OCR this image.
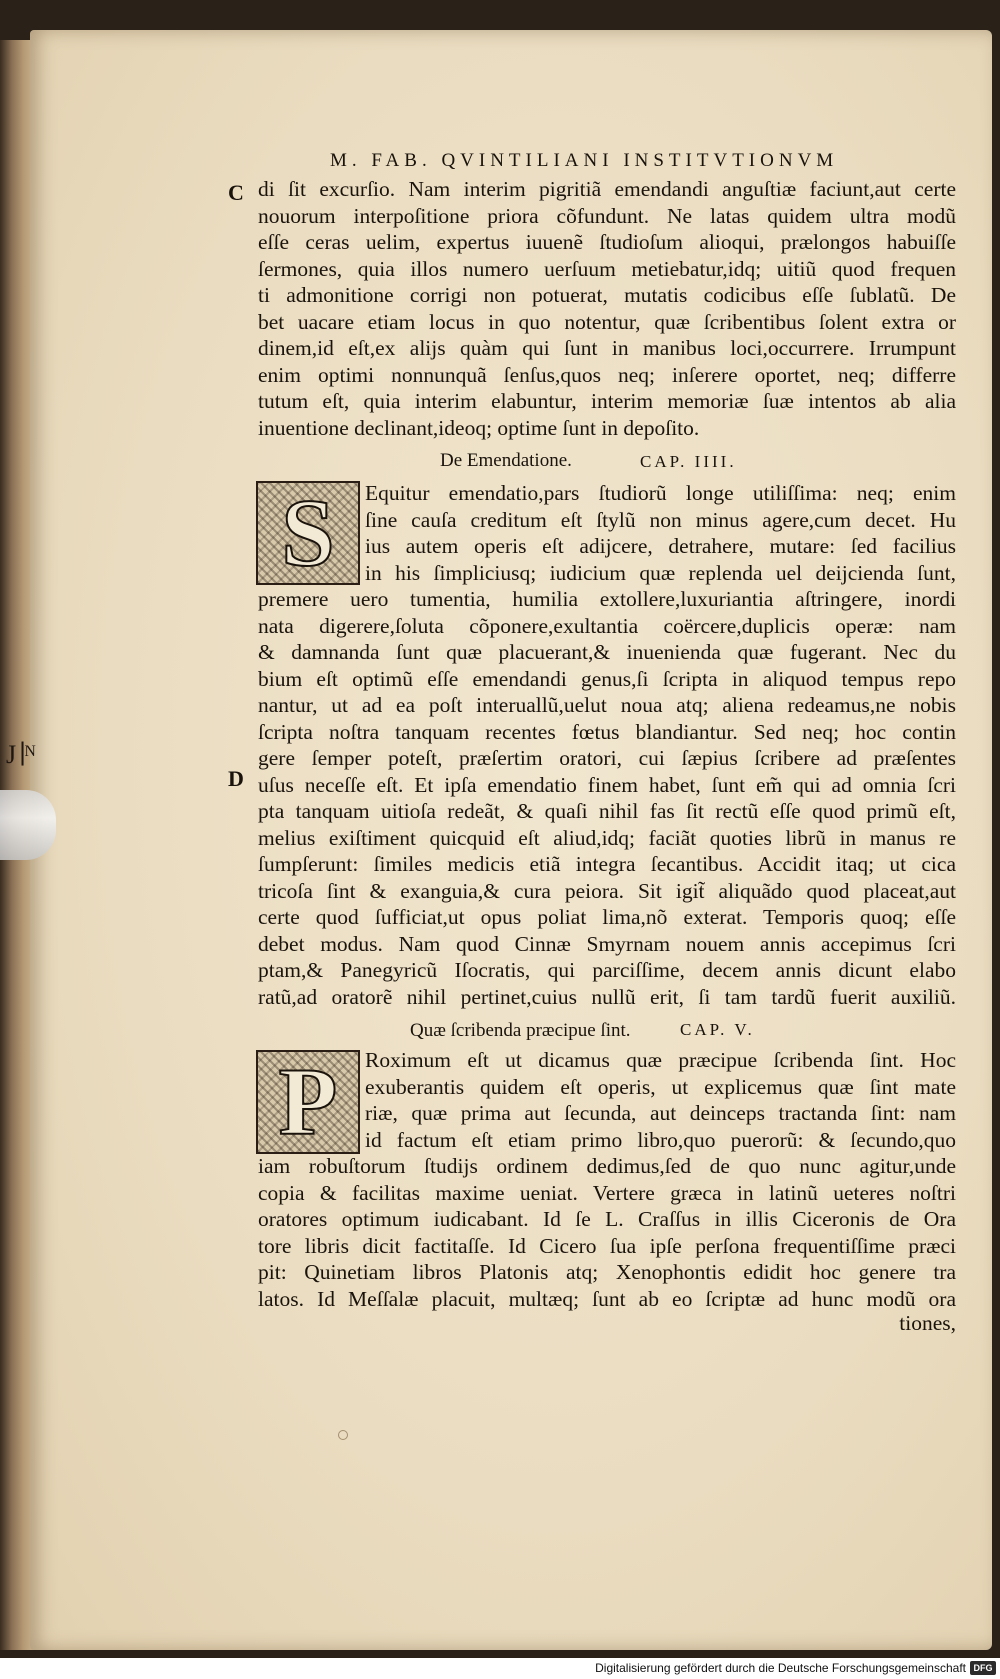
J ∣ᴺ
M. FAB. QVINTILIANI INSTITVTIONVM
C di ſit excurſio. Nam interim pigritiã emendandi anguſtiæ faciunt,aut certe
nouorum interpoſitione priora cõfundunt. Ne latas quidem ultra modũ
eſſe ceras uelim, expertus iuuenẽ ſtudioſum alioqui, prælongos habuiſſe
ſermones, quia illos numero uerſuum metiebatur,idq; uitiũ quod frequen
ti admonitione corrigi non potuerat, mutatis codicibus eſſe ſublatũ. De
bet uacare etiam locus in quo notentur, quæ ſcribentibus ſolent extra or
dinem,id eſt,ex alijs quàm qui ſunt in manibus loci,occurrere. Irrumpunt
enim optimi nonnunquã ſenſus,quos neq; inſerere oportet, neq; differre
tutum eſt, quia interim elabuntur, interim memoriæ ſuæ intentos ab alia
inuentione declinant,ideoq; optime ſunt in depoſito.
De Emendatione.	CAP. IIII.
S Equitur emendatio,pars ſtudiorũ longe utiliſſima: neq; enim
ſine cauſa creditum eſt ſtylũ non minus agere,cum decet. Hu
ius autem operis eſt adijcere, detrahere, mutare: ſed facilius
in his ſimpliciusq; iudicium quæ replenda uel deijcienda ſunt,
premere uero tumentia, humilia extollere,luxuriantia aſtringere, inordi
nata digerere,ſoluta cõponere,exultantia coërcere,duplicis operæ: nam
& damnanda ſunt quæ placuerant,& inuenienda quæ fugerant. Nec du
bium eſt optimũ eſſe emendandi genus,ſi ſcripta in aliquod tempus repo
nantur, ut ad ea poſt interuallũ,uelut noua atq; aliena redeamus,ne nobis
ſcripta noſtra tanquam recentes fœtus blandiantur. Sed neq; hoc contin
gere ſemper poteſt, præſertim oratori, cui ſæpius ſcribere ad præſentes
uſus neceſſe eſt. Et ipſa emendatio finem habet, ſunt em̃ qui ad omnia ſcri
pta tanquam uitioſa redeãt, & quaſi nihil fas ſit rectũ eſſe quod primũ eſt,
melius exiſtiment quicquid eſt aliud,idq; faciãt quoties librũ in manus re
ſumpſerunt: ſimiles medicis etiã integra ſecantibus. Accidit itaq; ut cica
tricoſa ſint & exanguia,& cura peiora. Sit igit̃ aliquãdo quod placeat,aut
certe quod ſufficiat,ut opus poliat lima,nõ exterat. Temporis quoq; eſſe
debet modus. Nam quod Cinnæ Smyrnam nouem annis accepimus ſcri
ptam,& Panegyricũ Iſocratis, qui parciſſime, decem annis dicunt elabo
ratũ,ad oratorẽ nihil pertinet,cuius nullũ erit, ſi tam tardũ fuerit auxiliũ.
D
Quæ ſcribenda præcipue ſint.	CAP. V.
P Roximum eſt ut dicamus quæ præcipue ſcribenda ſint. Hoc
exuberantis quidem eſt operis, ut explicemus quæ ſint mate
riæ, quæ prima aut ſecunda, aut deinceps tractanda ſint: nam
id factum eſt etiam primo libro,quo puerorũ: & ſecundo,quo
iam robuſtorum ſtudijs ordinem dedimus,ſed de quo nunc agitur,unde
copia & facilitas maxime ueniat. Vertere græca in latinũ ueteres noſtri
oratores optimum iudicabant. Id ſe L. Craſſus in illis Ciceronis de Ora
tore libris dicit factitaſſe. Id Cicero ſua ipſe perſona frequentiſſime præci
pit: Quinetiam libros Platonis atq; Xenophontis edidit hoc genere tra
latos. Id Meſſalæ placuit, multæq; ſunt ab eo ſcriptæ ad hunc modũ ora
tiones,
Digitalisierung gefördert durch die Deutsche Forschungsgemeinschaft DFG
